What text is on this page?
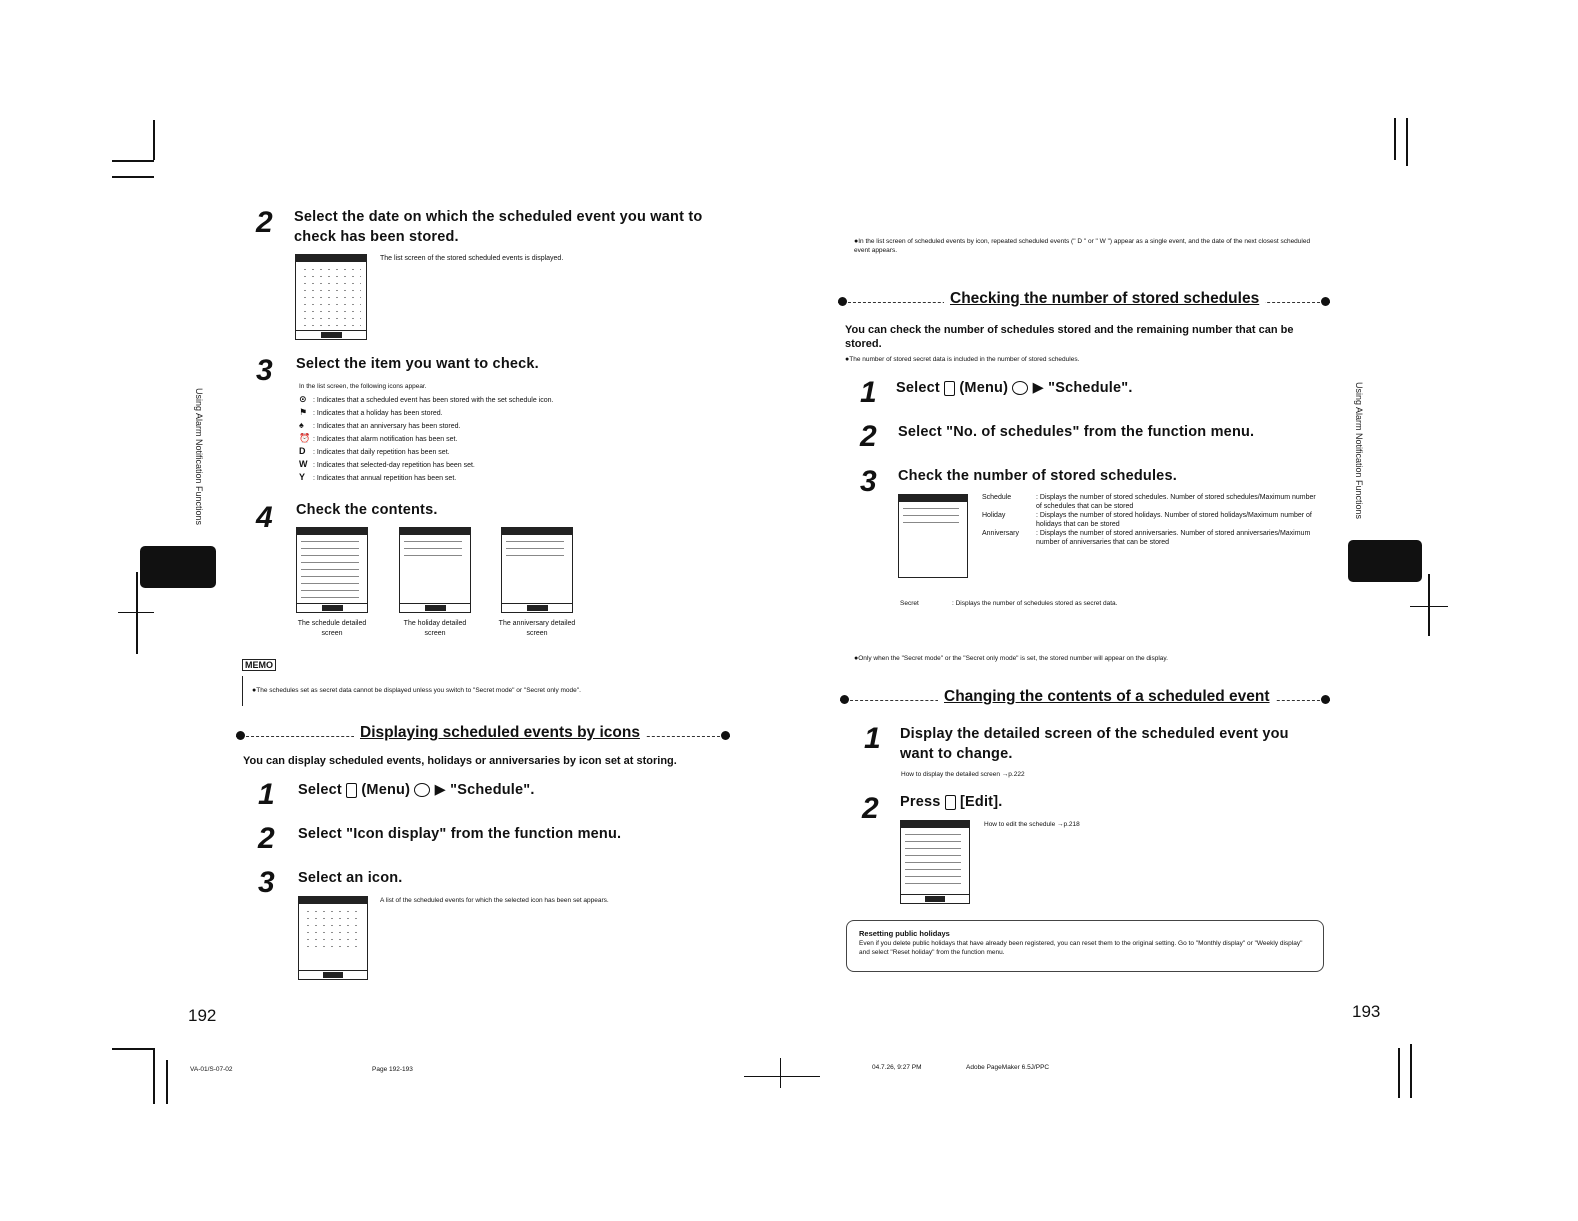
Using Alarm Notification Functions	Using Alarm Notification Functions
2 Select the date on which the scheduled event you want to check has been stored.
The list screen of the stored scheduled events is displayed.
3 Select the item you want to check.
In the list screen, the following icons appear.
⊙ : Indicates that a scheduled event has been stored with the set schedule icon.
⚑ : Indicates that a holiday has been stored.
♠ : Indicates that an anniversary has been stored.
⏰ : Indicates that alarm notification has been set.
D : Indicates that daily repetition has been set.
W : Indicates that selected-day repetition has been set.
Y : Indicates that annual repetition has been set.
4 Check the contents.
The schedule detailed screen
The holiday detailed screen
The anniversary detailed screen
MEMO
● The schedules set as secret data cannot be displayed unless you switch to "Secret mode" or "Secret only mode".
Displaying scheduled events by icons
You can display scheduled events, holidays or anniversaries by icon set at storing.
1 Select (Menu) ▶ "Schedule".
2 Select "Icon display" from the function menu.
3 Select an icon.
A list of the scheduled events for which the selected icon has been set appears.
192
● In the list screen of scheduled events by icon, repeated scheduled events (" D " or " W ") appear as a single event, and the date of the next closest scheduled event appears.
Checking the number of stored schedules
You can check the number of schedules stored and the remaining number that can be stored.
● The number of stored secret data is included in the number of stored schedules.
1 Select (Menu) ▶ "Schedule".
2 Select "No. of schedules" from the function menu.
3 Check the number of stored schedules.
Schedule	: Displays the number of stored schedules. Number of stored schedules/Maximum number of schedules that can be stored
Holiday	: Displays the number of stored holidays. Number of stored holidays/Maximum number of holidays that can be stored
Anniversary	: Displays the number of stored anniversaries. Number of stored anniversaries/Maximum number of anniversaries that can be stored
Secret	: Displays the number of schedules stored as secret data.
● Only when the "Secret mode" or the "Secret only mode" is set, the stored number will appear on the display.
Changing the contents of a scheduled event
1 Display the detailed screen of the scheduled event you want to change.
How to display the detailed screen →p.222
2 Press [Edit].
How to edit the schedule →p.218
Resetting public holidays
Even if you delete public holidays that have already been registered, you can reset them to the original setting. Go to "Monthly display" or "Weekly display" and select "Reset holiday" from the function menu.
193
VA-01/S-07-02	Page 192-193	04.7.26, 9:27 PM	Adobe PageMaker 6.5J/PPC
